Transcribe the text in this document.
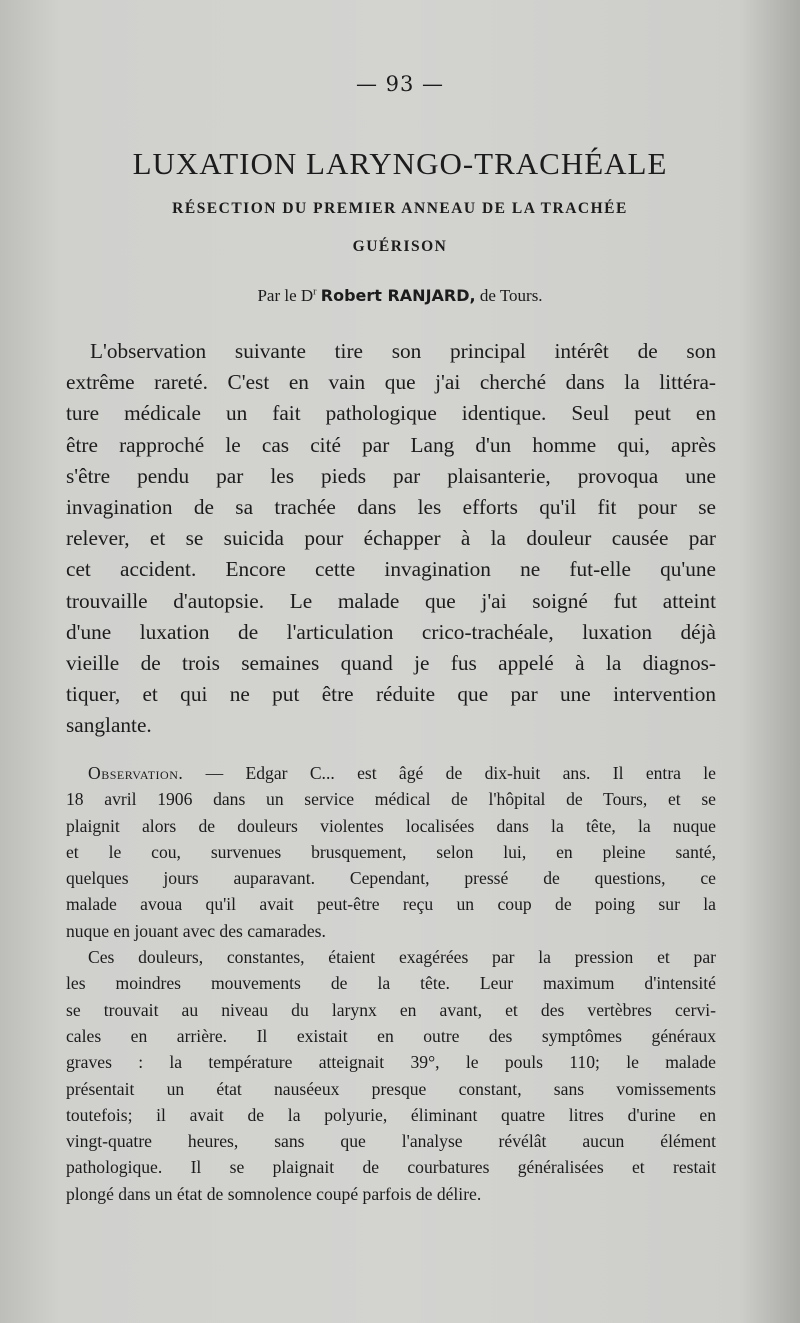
— 93 —
LUXATION LARYNGO-TRACHÉALE
RÉSECTION DU PREMIER ANNEAU DE LA TRACHÉE
GUÉRISON
Par le $D^r$ Robert RANJARD, de Tours.
L'observation suivante tire son principal intérêt de son
extrême rareté. C'est en vain que j'ai cherché dans la littéra-
ture médicale un fait pathologique identique. Seul peut en
être rapproché le cas cité par Lang d'un homme qui, après
s'être pendu par les pieds par plaisanterie, provoqua une
invagination de sa trachée dans les efforts qu'il fit pour se
relever, et se suicida pour échapper à la douleur causée par
cet accident. Encore cette invagination ne fut-elle qu'une
trouvaille d'autopsie. Le malade que j'ai soigné fut atteint
d'une luxation de l'articulation crico-trachéale, luxation déjà
vieille de trois semaines quand je fus appelé à la diagnos-
tiquer, et qui ne put être réduite que par une intervention
sanglante.
Observation. — Edgar C... est âgé de dix-huit ans. Il entra le
18 avril 1906 dans un service médical de l'hôpital de Tours, et se
plaignit alors de douleurs violentes localisées dans la tête, la nuque
et le cou, survenues brusquement, selon lui, en pleine santé,
quelques jours auparavant. Cependant, pressé de questions, ce
malade avoua qu'il avait peut-être reçu un coup de poing sur la
nuque en jouant avec des camarades.
Ces douleurs, constantes, étaient exagérées par la pression et par
les moindres mouvements de la tête. Leur maximum d'intensité
se trouvait au niveau du larynx en avant, et des vertèbres cervi-
cales en arrière. Il existait en outre des symptômes généraux
graves : la température atteignait 39°, le pouls 110; le malade
présentait un état nauséeux presque constant, sans vomissements
toutefois; il avait de la polyurie, éliminant quatre litres d'urine en
vingt-quatre heures, sans que l'analyse révélât aucun élément
pathologique. Il se plaignait de courbatures généralisées et restait
plongé dans un état de somnolence coupé parfois de délire.
